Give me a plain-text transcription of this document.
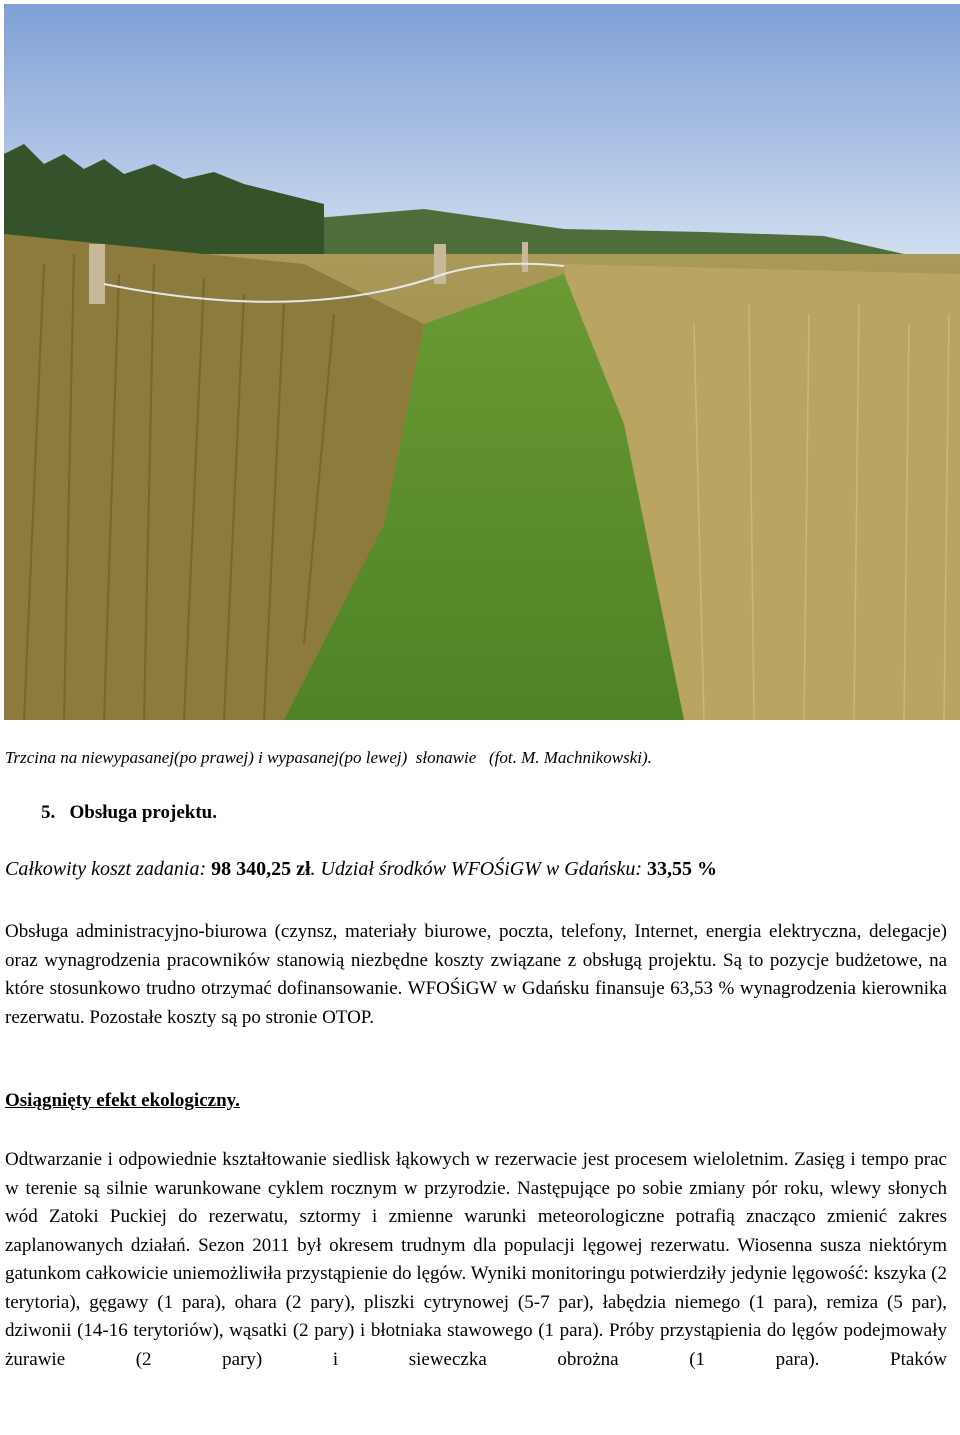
Trzcina na niewypasanej(po prawej) i wypasanej(po lewej)  słonawie   (fot. M. Machnikowski).
5. Obsługa projektu.
Całkowity koszt zadania: 98 340,25 zł. Udział środków WFOŚiGW w Gdańsku: 33,55 %
Obsługa administracyjno-biurowa (czynsz, materiały biurowe, poczta, telefony, Internet, energia elektryczna, delegacje) oraz wynagrodzenia pracowników stanowią niezbędne koszty związane z obsługą projektu. Są to pozycje budżetowe, na które stosunkowo trudno otrzymać dofinansowanie. WFOŚiGW w Gdańsku finansuje 63,53 % wynagrodzenia kierownika rezerwatu. Pozostałe koszty są po stronie OTOP.
Osiągnięty efekt ekologiczny.
Odtwarzanie i odpowiednie kształtowanie siedlisk łąkowych w rezerwacie jest procesem wieloletnim. Zasięg i tempo prac w terenie są silnie warunkowane cyklem rocznym w przyrodzie. Następujące po sobie zmiany pór roku, wlewy słonych wód Zatoki Puckiej do rezerwatu, sztormy i zmienne warunki meteorologiczne potrafią znacząco zmienić zakres zaplanowanych działań. Sezon 2011 był okresem trudnym dla populacji lęgowej rezerwatu. Wiosenna susza niektórym gatunkom całkowicie uniemożliwiła przystąpienie do lęgów. Wyniki monitoringu potwierdziły jedynie lęgowość: kszyka (2 terytoria), gęgawy (1 para), ohara (2 pary), pliszki cytrynowej (5-7 par), łabędzia niemego (1 para), remiza (5 par), dziwonii (14-16 terytoriów), wąsatki (2 pary) i błotniaka stawowego (1 para). Próby przystąpienia do lęgów podejmowały żurawie (2 pary) i sieweczka obrożna (1 para). Ptaków
